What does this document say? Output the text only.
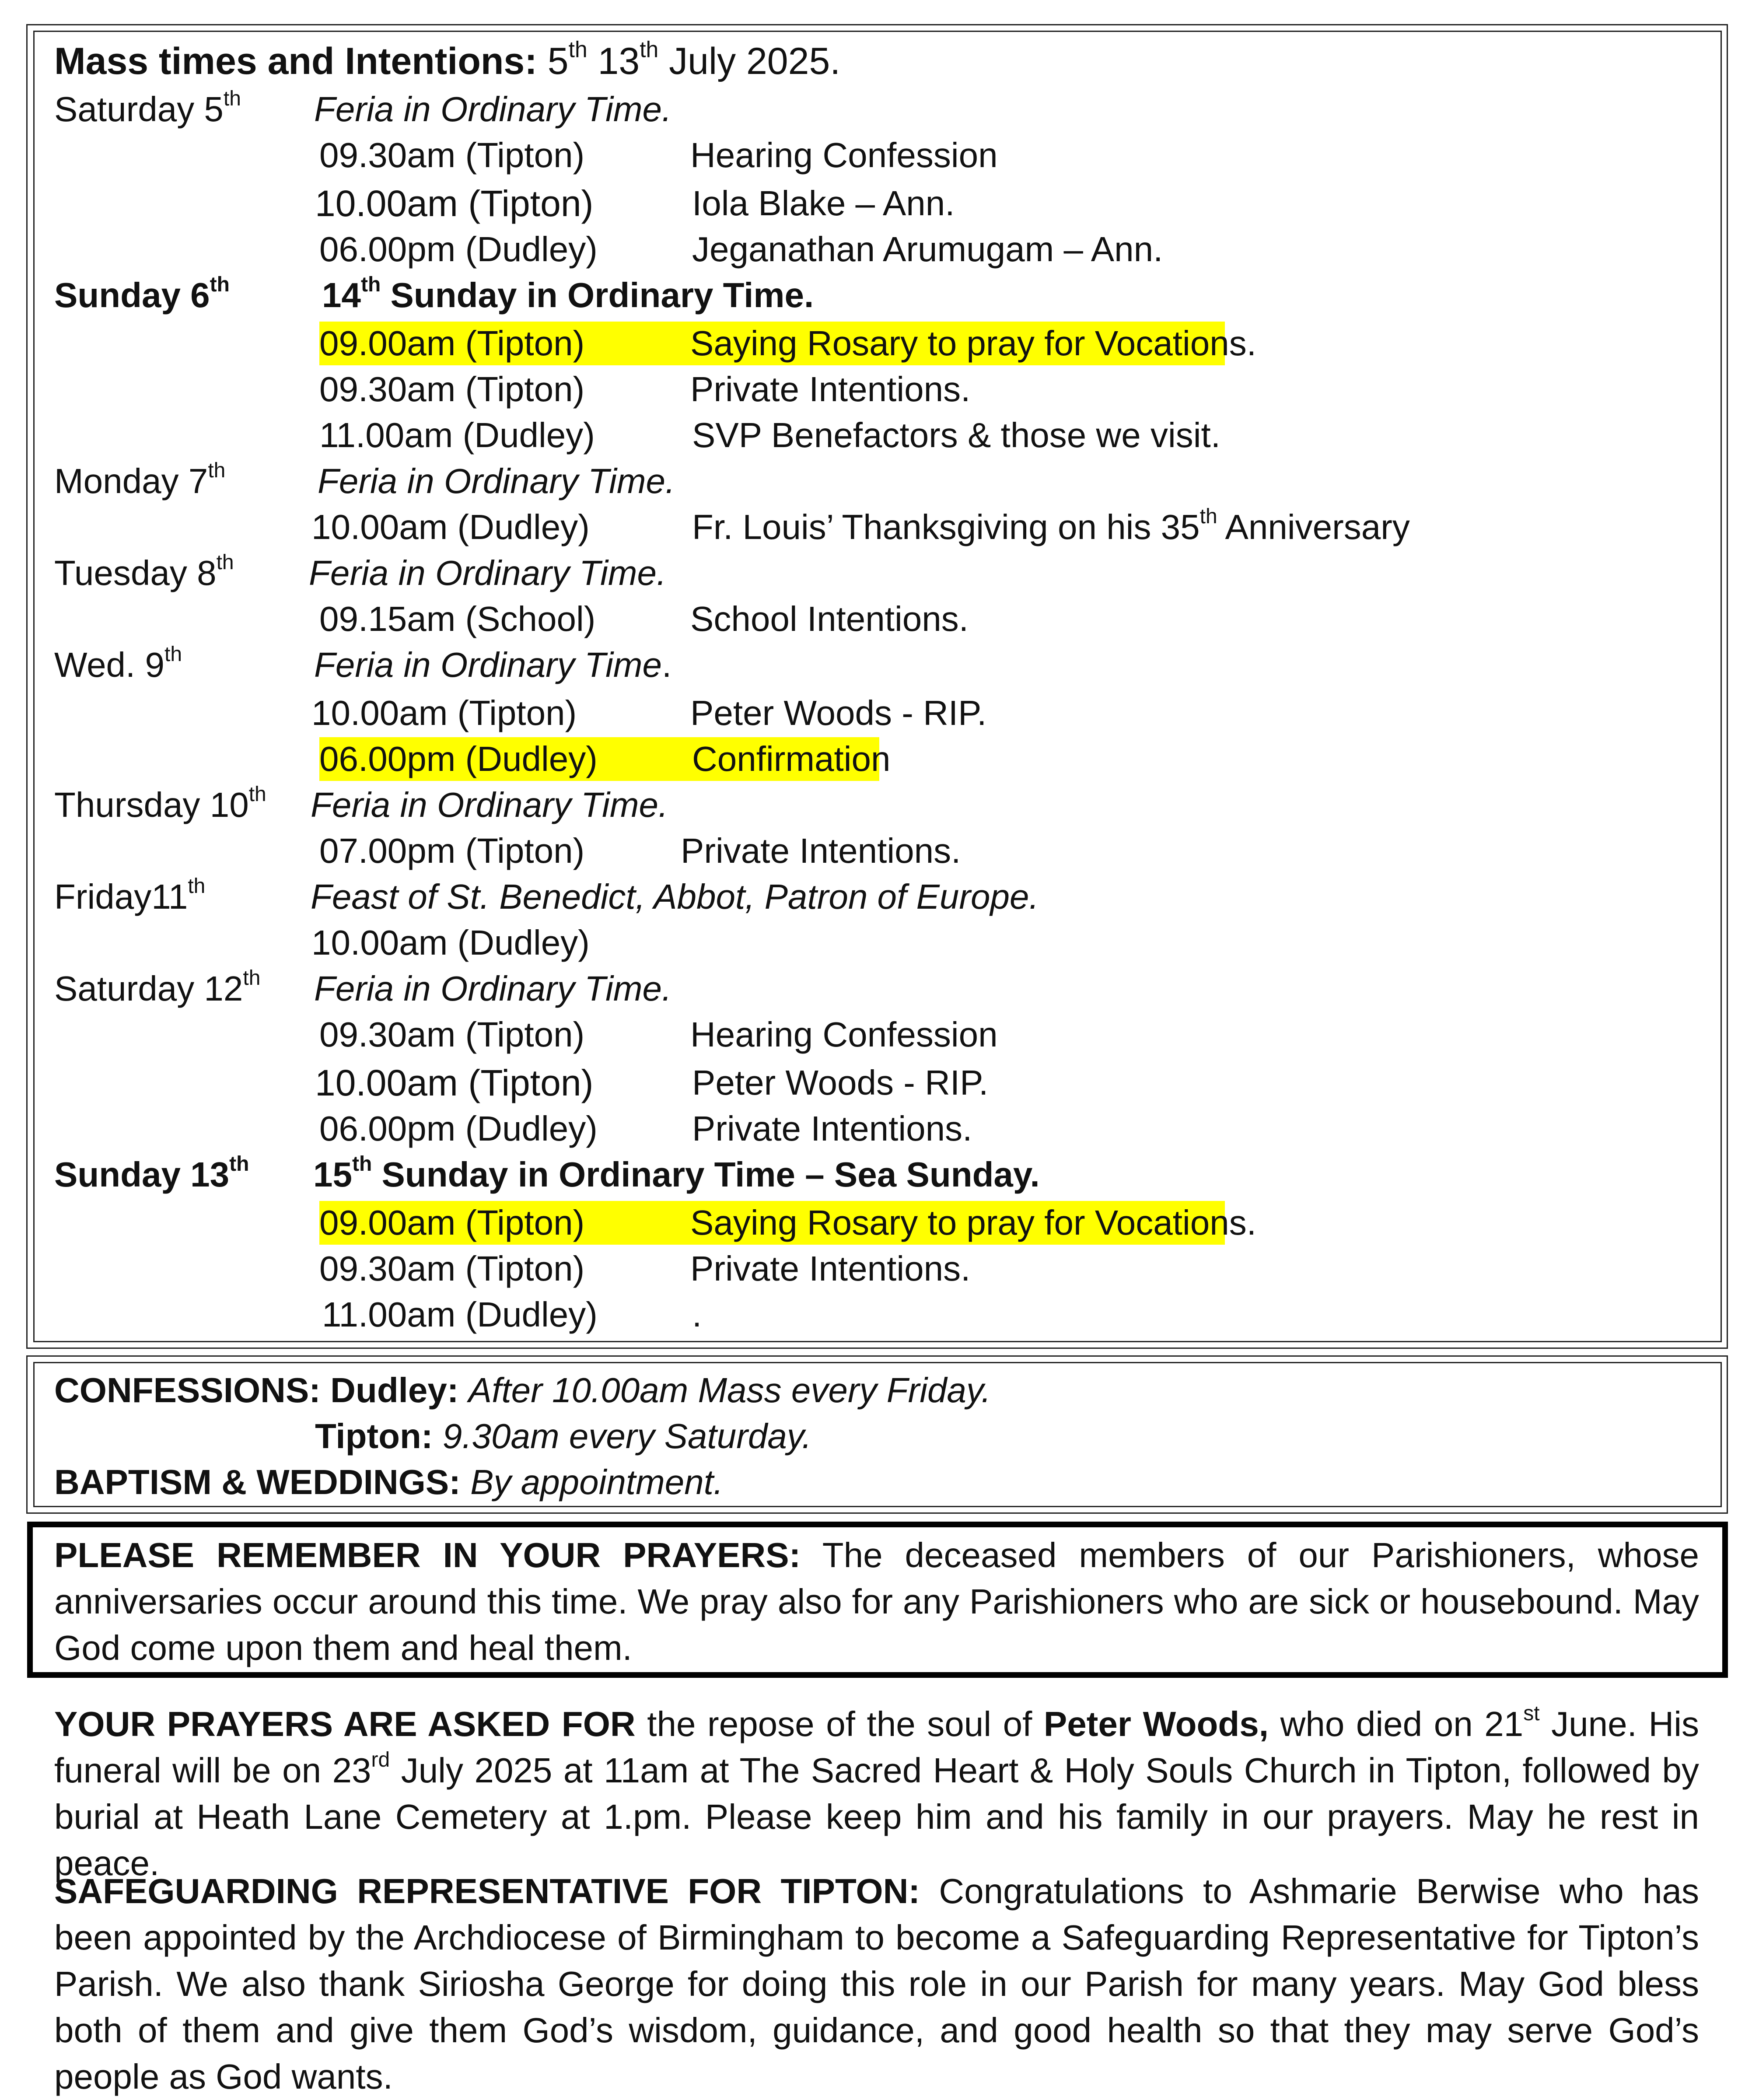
Mass times and Intentions: 5th 13th July 2025.
Saturday 5th Feria in Ordinary Time.
09.30am (Tipton)	Hearing Confession
10.00am (Tipton)	Iola Blake – Ann.
06.00pm (Dudley)	Jeganathan Arumugam – Ann.
Sunday 6th	14th Sunday in Ordinary Time.
09.00am (Tipton)	Saying Rosary to pray for Vocations.
09.30am (Tipton)	Private Intentions.
11.00am (Dudley)	SVP Benefactors & those we visit.
Monday 7th	Feria in Ordinary Time.
10.00am (Dudley)	Fr. Louis’ Thanksgiving on his 35th Anniversary
Tuesday 8th Feria in Ordinary Time.
09.15am (School)	School Intentions.
Wed. 9th	Feria in Ordinary Time.
10.00am (Tipton)	Peter Woods - RIP.
06.00pm (Dudley)	Confirmation
Thursday 10th Feria in Ordinary Time.
07.00pm (Tipton)	Private Intentions.
Friday11th	Feast of St. Benedict, Abbot, Patron of Europe.
10.00am (Dudley)
Saturday 12th Feria in Ordinary Time.
09.30am (Tipton)	Hearing Confession
10.00am (Tipton)	Peter Woods - RIP.
06.00pm (Dudley)	Private Intentions.
Sunday 13th 15th Sunday in Ordinary Time – Sea Sunday.
09.00am (Tipton)	Saying Rosary to pray for Vocations.
09.30am (Tipton)	Private Intentions.
11.00am (Dudley)	.
CONFESSIONS: Dudley: After 10.00am Mass every Friday.
Tipton: 9.30am every Saturday.
BAPTISM & WEDDINGS: By appointment.
PLEASE REMEMBER IN YOUR PRAYERS: The deceased members of our Parishioners, whose anniversaries occur around this time. We pray also for any Parishioners who are sick or housebound. May God come upon them and heal them.
YOUR PRAYERS ARE ASKED FOR the repose of the soul of Peter Woods, who died on 21st June. His funeral will be on 23rd July 2025 at 11am at The Sacred Heart & Holy Souls Church in Tipton, followed by burial at Heath Lane Cemetery at 1.pm. Please keep him and his family in our prayers. May he rest in peace.
SAFEGUARDING REPRESENTATIVE FOR TIPTON: Congratulations to Ashmarie Berwise who has been appointed by the Archdiocese of Birmingham to become a Safeguarding Representative for Tipton’s Parish. We also thank Siriosha George for doing this role in our Parish for many years. May God bless both of them and give them God’s wisdom, guidance, and good health so that they may serve God’s people as God wants.
